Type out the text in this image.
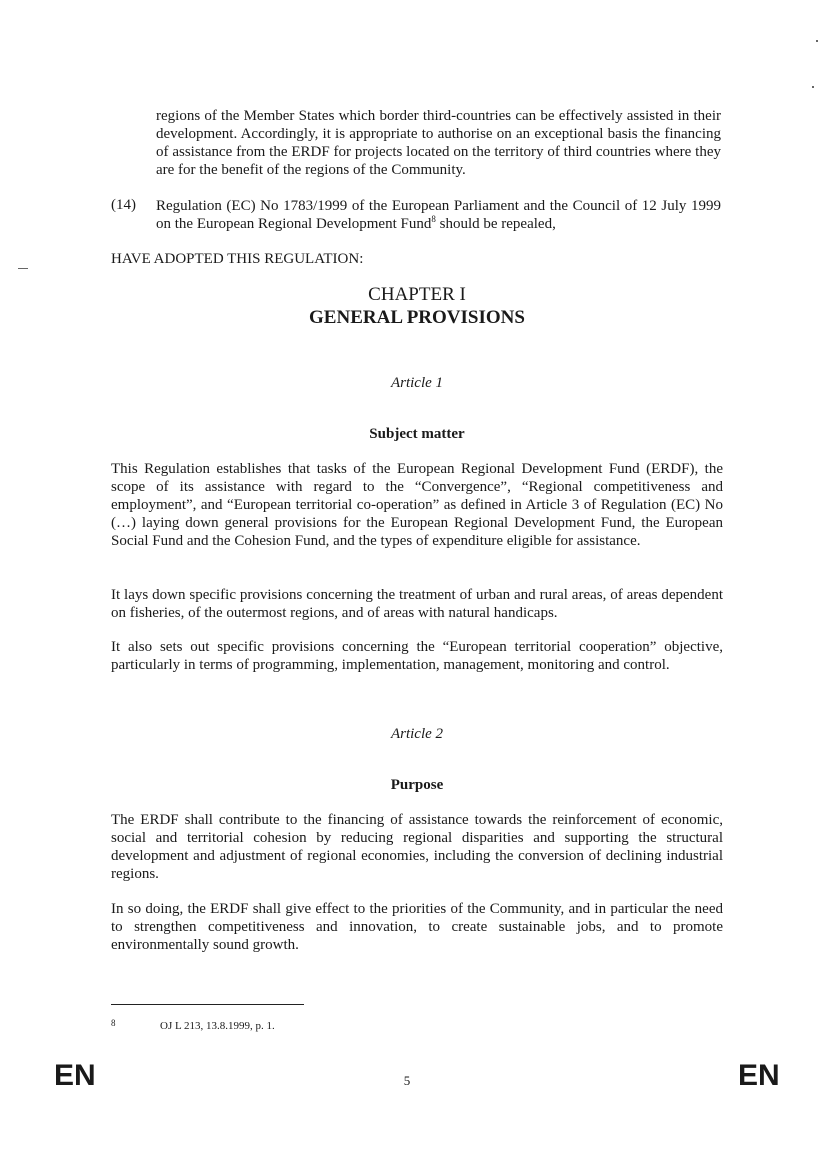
regions of the Member States which border third-countries can be effectively assisted in their development. Accordingly, it is appropriate to authorise on an exceptional basis the financing of assistance from the ERDF for projects located on the territory of third countries where they are for the benefit of the regions of the Community.
(14) Regulation (EC) No 1783/1999 of the European Parliament and the Council of 12 July 1999 on the European Regional Development Fund$^8$ should be repealed,
HAVE ADOPTED THIS REGULATION:
CHAPTER I
GENERAL PROVISIONS
Article 1
Subject matter
This Regulation establishes that tasks of the European Regional Development Fund (ERDF), the scope of its assistance with regard to the “Convergence”, “Regional competitiveness and employment”, and “European territorial co-operation” as defined in Article 3 of Regulation (EC) No (…) laying down general provisions for the European Regional Development Fund, the European Social Fund and the Cohesion Fund, and the types of expenditure eligible for assistance.
It lays down specific provisions concerning the treatment of urban and rural areas, of areas dependent on fisheries, of the outermost regions, and of areas with natural handicaps.
It also sets out specific provisions concerning the “European territorial cooperation” objective, particularly in terms of programming, implementation, management, monitoring and control.
Article 2
Purpose
The ERDF shall contribute to the financing of assistance towards the reinforcement of economic, social and territorial cohesion by reducing regional disparities and supporting the structural development and adjustment of regional economies, including the conversion of declining industrial regions.
In so doing, the ERDF shall give effect to the priorities of the Community, and in particular the need to strengthen competitiveness and innovation, to create sustainable jobs, and to promote environmentally sound growth.
8	OJ L 213, 13.8.1999, p. 1.
EN	5	EN
